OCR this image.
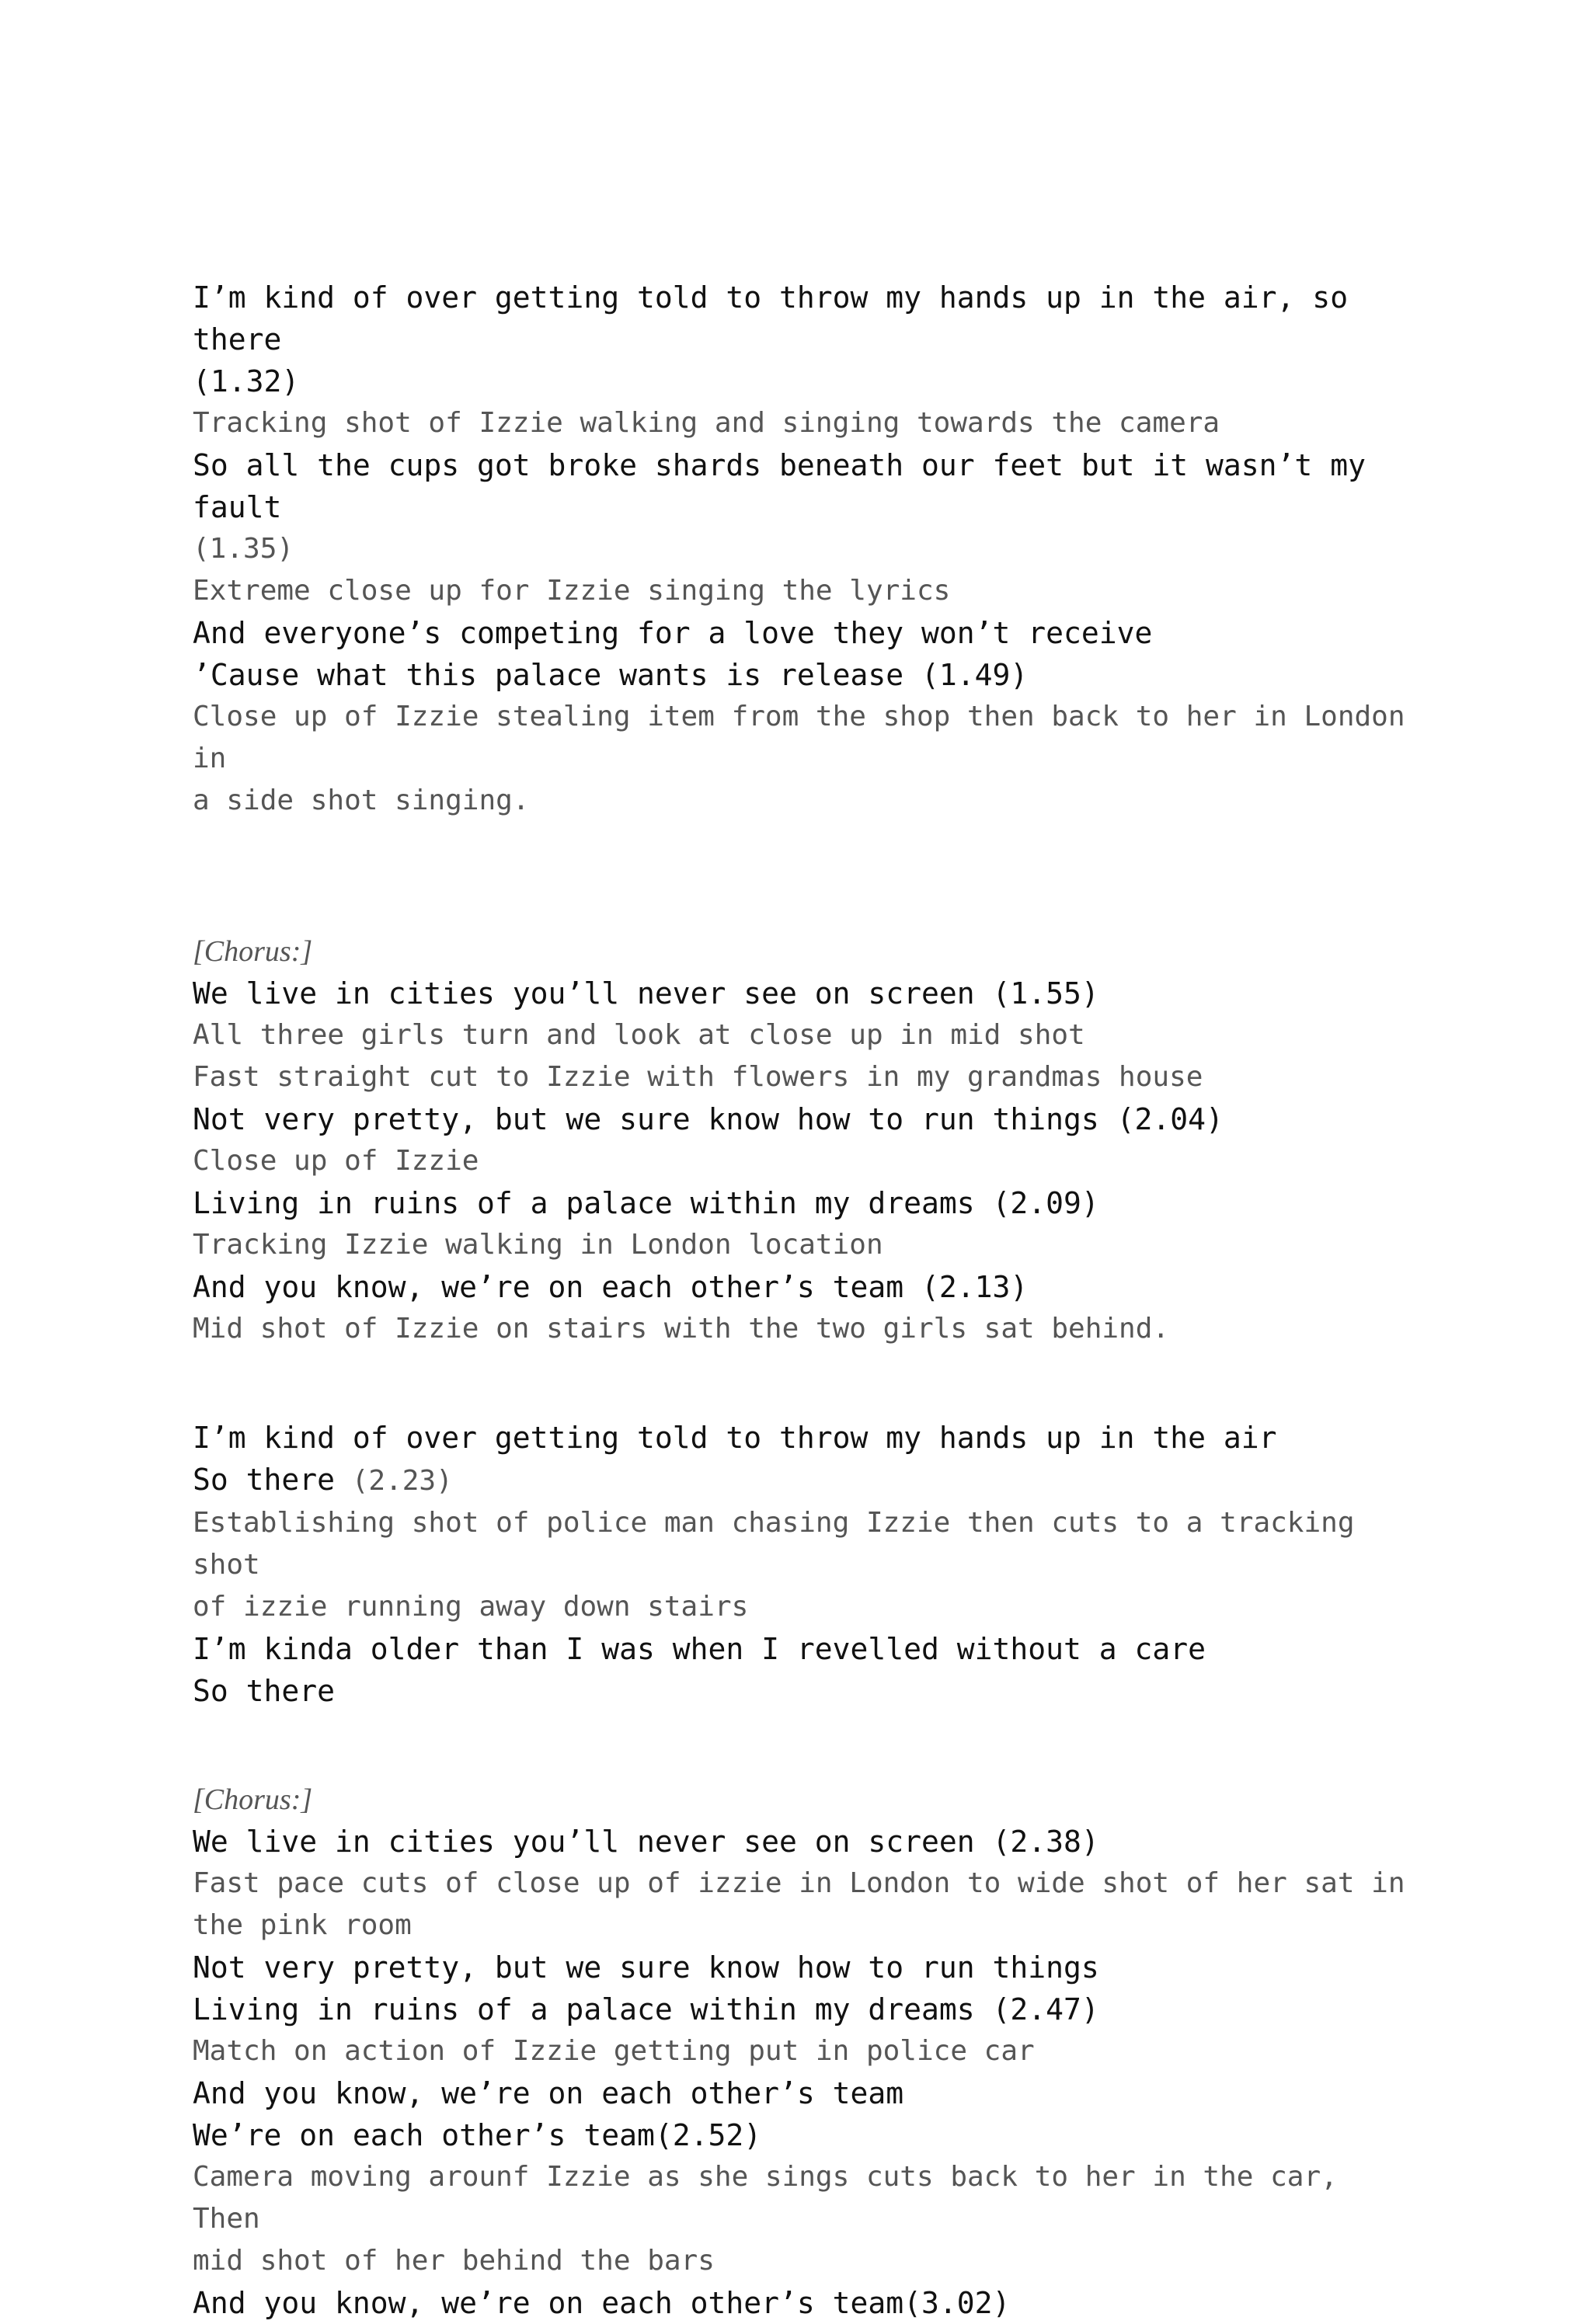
I’m kind of over getting told to throw my hands up in the air, so there

(1.32)

Tracking shot of Izzie walking and singing towards the camera

So all the cups got broke shards beneath our feet but it wasn’t my fault

(1.35)

Extreme close up for Izzie singing the lyrics

And everyone’s competing for a love they won’t receive

’Cause what this palace wants is release (1.49)

Close up of Izzie stealing item from the shop then back to her in London in

a side shot singing.

[Chorus:]

We live in cities you’ll never see on screen (1.55)

All three girls turn and look at close up in mid shot

Fast straight cut to Izzie with flowers in my grandmas house

Not very pretty, but we sure know how to run things (2.04)

Close up of Izzie

Living in ruins of a palace within my dreams (2.09)

Tracking Izzie walking in London location

And you know, we’re on each other’s team (2.13)

Mid shot of Izzie on stairs with the two girls sat behind.

I’m kind of over getting told to throw my hands up in the air

So there (2.23)

Establishing shot of police man chasing Izzie then cuts to a tracking shot

of izzie running away down stairs

I’m kinda older than I was when I revelled without a care

So there

[Chorus:]

We live in cities you’ll never see on screen (2.38)

Fast pace cuts of close up of izzie in London to wide shot of her sat in

the pink room

Not very pretty, but we sure know how to run things

Living in ruins of a palace within my dreams (2.47)

Match on action of Izzie getting put in police car

And you know, we’re on each other’s team

We’re on each other’s team(2.52)

Camera moving arounf Izzie as she sings cuts back to her in the car, Then

mid shot of her behind the bars

And you know, we’re on each other’s team(3.02)
